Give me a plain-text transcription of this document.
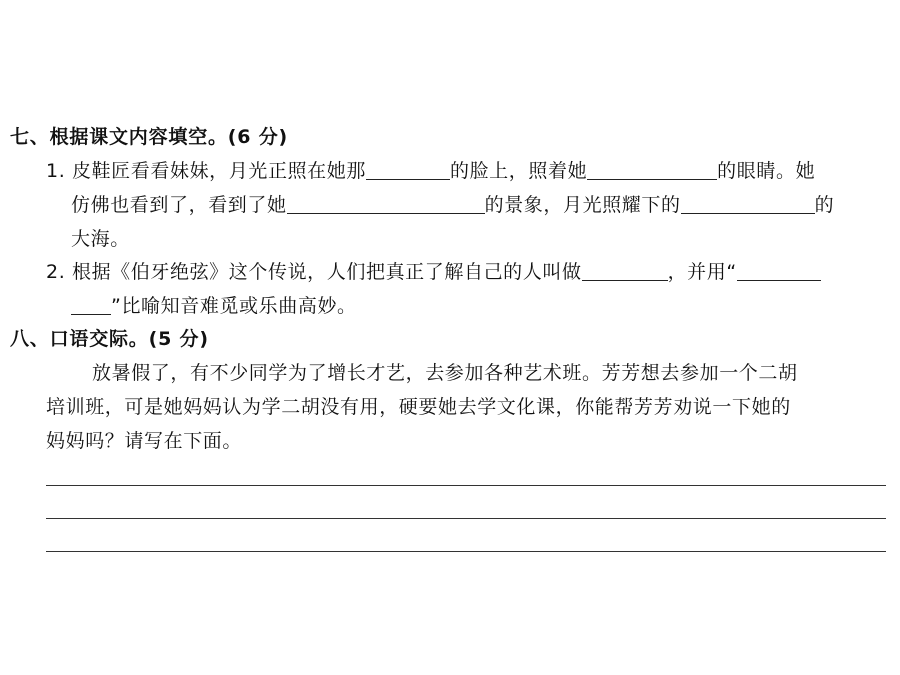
七、根据课文内容填空。(6 分)
1. 皮鞋匠看看妹妹，月光正照在她那	的脸上，照着她	的眼睛。她
仿佛也看到了，看到了她	的景象，月光照耀下的	的
大海。
2. 根据《伯牙绝弦》这个传说，人们把真正了解自己的人叫做	，并用“
”比喻知音难觅或乐曲高妙。
八、口语交际。(5 分)
放暑假了，有不少同学为了增长才艺，去参加各种艺术班。芳芳想去参加一个二胡
培训班，可是她妈妈认为学二胡没有用，硬要她去学文化课，你能帮芳芳劝说一下她的
妈妈吗？请写在下面。
